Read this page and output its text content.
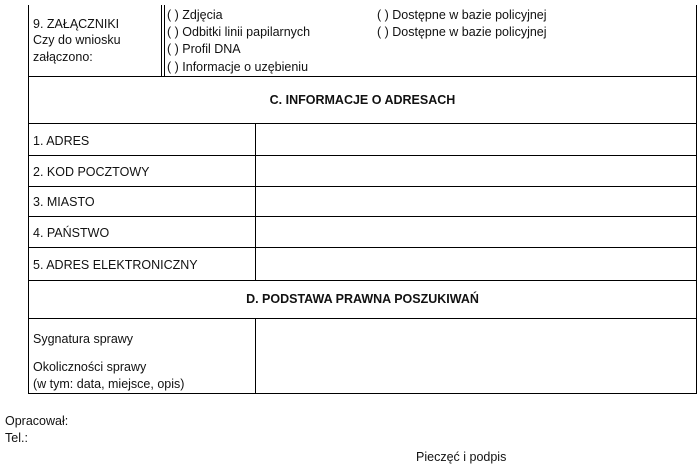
9. ZAŁĄCZNIKI
Czy do wniosku
załączono:
( ) Zdjęcia
( ) Odbitki linii papilarnych
( ) Profil DNA
( ) Informacje o uzębieniu
( ) Dostępne w bazie policyjnej
( ) Dostępne w bazie policyjnej
C. INFORMACJE O ADRESACH
1. ADRES
2. KOD POCZTOWY
3. MIASTO
4. PAŃSTWO
5. ADRES ELEKTRONICZNY
D. PODSTAWA PRAWNA POSZUKIWAŃ
Sygnatura sprawy
Okoliczności sprawy
(w tym: data, miejsce, opis)
Opracował:
Tel.:
Pieczęć i podpis
